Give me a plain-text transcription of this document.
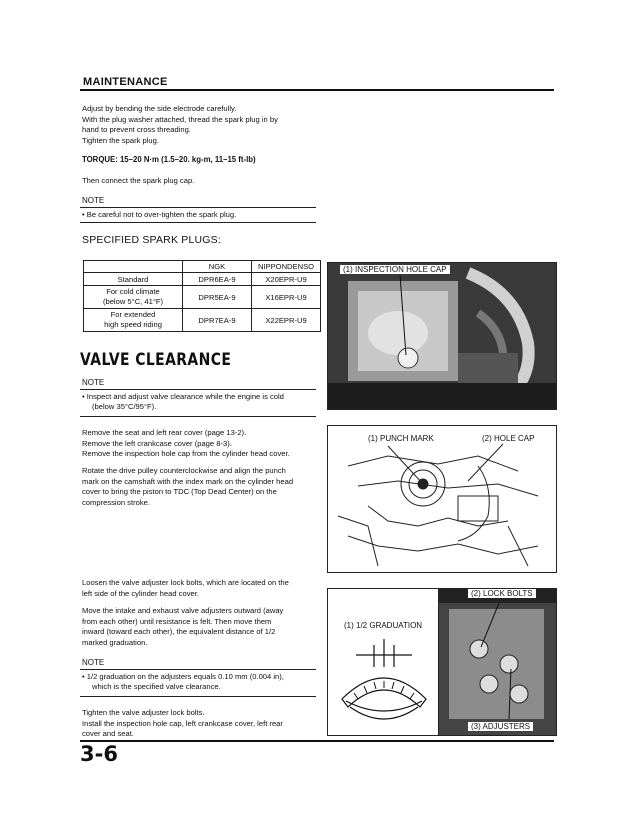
MAINTENANCE
Adjust by bending the side electrode carefully.
With the plug washer attached, thread the spark plug in by
hand to prevent cross threading.
Tighten the spark plug.
TORQUE: 15–20 N·m (1.5–20. kg-m, 11–15 ft-lb)
Then connect the spark plug cap.
NOTE
• Be careful not to over-tighten the spark plug.
SPECIFIED SPARK PLUGS:
	NGK	NIPPONDENSO
Standard	DPR6EA-9	X20EPR-U9

For cold climate
(below 5°C, 41°F)	DPR5EA-9	X16EPR-U9

For extended
high speed riding	DPR7EA-9	X22EPR-U9
VALVE CLEARANCE
NOTE
• Inspect and adjust valve clearance while the engine is cold
(below 35°C/95°F).
Remove the seat and left rear cover (page 13-2).
Remove the left crankcase cover (page 8-3).
Remove the inspection hole cap from the cylinder head cover.
Rotate the drive pulley counterclockwise and align the punch
mark on the camshaft with the index mark on the cylinder head
cover to bring the piston to TDC (Top Dead Center) on the
compression stroke.
Loosen the valve adjuster lock bolts, which are located on the
left side of the cylinder head cover.
Move the intake and exhaust valve adjusters outward (away
from each other) until resistance is felt. Then move them
inward (toward each other), the equivalent distance of 1/2
marked graduation.
NOTE
• 1/2 graduation on the adjusters equals 0.10 mm (0.004 in),
which is the specified valve clearance.
Tighten the valve adjuster lock bolts.
Install the inspection hole cap, left crankcase cover, left rear
cover and seat.
(1) INSPECTION HOLE CAP
(1) PUNCH MARK	(2) HOLE CAP
(1) 1/2 GRADUATION
(2) LOCK BOLTS
(3) ADJUSTERS
3-6
